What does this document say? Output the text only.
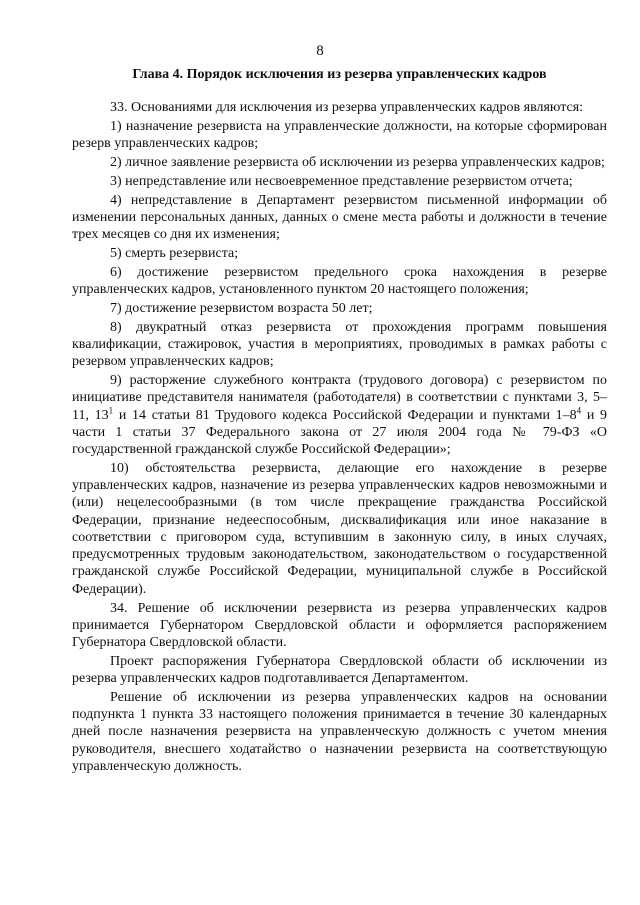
8
Глава 4. Порядок исключения из резерва управленческих кадров

33. Основаниями для исключения из резерва управленческих кадров являются:

1) назначение резервиста на управленческие должности, на которые сформирован резерв управленческих кадров;

2) личное заявление резервиста об исключении из резерва управленческих кадров;

3) непредставление или несвоевременное представление резервистом отчета;

4) непредставление в Департамент резервистом письменной информации об изменении персональных данных, данных о смене места работы и должности в течение трех месяцев со дня их изменения;

5) смерть резервиста;

6) достижение резервистом предельного срока нахождения в резерве управленческих кадров, установленного пунктом 20 настоящего положения;

7) достижение резервистом возраста 50 лет;

8) двукратный отказ резервиста от прохождения программ повышения квалификации, стажировок, участия в мероприятиях, проводимых в рамках работы с резервом управленческих кадров;

9) расторжение служебного контракта (трудового договора) с резервистом по инициативе представителя нанимателя (работодателя) в соответствии с пунктами 3, 5–11, $13^1$ и 14 статьи 81 Трудового кодекса Российской Федерации и пунктами $1-8^4$ и 9 части 1 статьи 37 Федерального закона от 27 июля 2004 года № 79-ФЗ «О государственной гражданской службе Российской Федерации»;

10) обстоятельства резервиста, делающие его нахождение в резерве управленческих кадров, назначение из резерва управленческих кадров невозможными и (или) нецелесообразными (в том числе прекращение гражданства Российской Федерации, признание недееспособным, дисквалификация или иное наказание в соответствии с приговором суда, вступившим в законную силу, в иных случаях, предусмотренных трудовым законодательством, законодательством о государственной гражданской службе Российской Федерации, муниципальной службе в Российской Федерации).

34. Решение об исключении резервиста из резерва управленческих кадров принимается Губернатором Свердловской области и оформляется распоряжением Губернатора Свердловской области.

Проект распоряжения Губернатора Свердловской области об исключении из резерва управленческих кадров подготавливается Департаментом.

Решение об исключении из резерва управленческих кадров на основании подпункта 1 пункта 33 настоящего положения принимается в течение 30 календарных дней после назначения резервиста на управленческую должность с учетом мнения руководителя, внесшего ходатайство о назначении резервиста на соответствующую управленческую должность.
